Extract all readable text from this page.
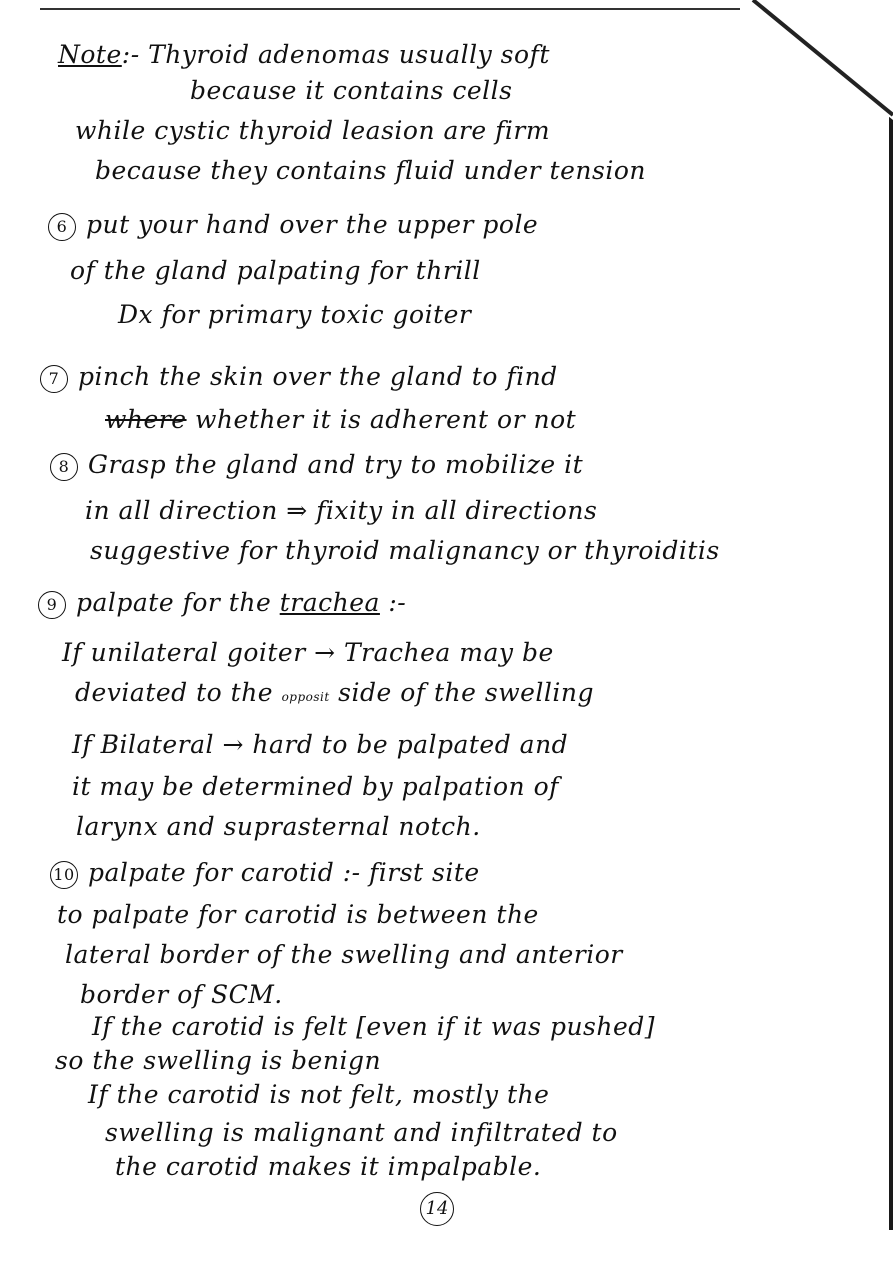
Note:- Thyroid adenomas usually soft
because it contains cells
while cystic thyroid leasion are firm
because they contains fluid under tension
6 put your hand over the upper pole
of the gland palpating for thrill
Dx for primary toxic goiter
7 pinch the skin over the gland to find
where whether it is adherent or not
8 Grasp the gland and try to mobilize it
in all direction ⇒ fixity in all directions
suggestive for thyroid malignancy or thyroiditis
9 palpate for the trachea :-
If unilateral goiter → Trachea may be
deviated to the opposit side of the swelling
If Bilateral → hard to be palpated and
it may be determined by palpation of
larynx and suprasternal notch.
10 palpate for carotid :- first site
to palpate for carotid is between the
lateral border of the swelling and anterior
border of SCM.
If the carotid is felt [even if it was pushed]
so the swelling is benign
If the carotid is not felt, mostly the
swelling is malignant and infiltrated to
the carotid makes it impalpable.
14
